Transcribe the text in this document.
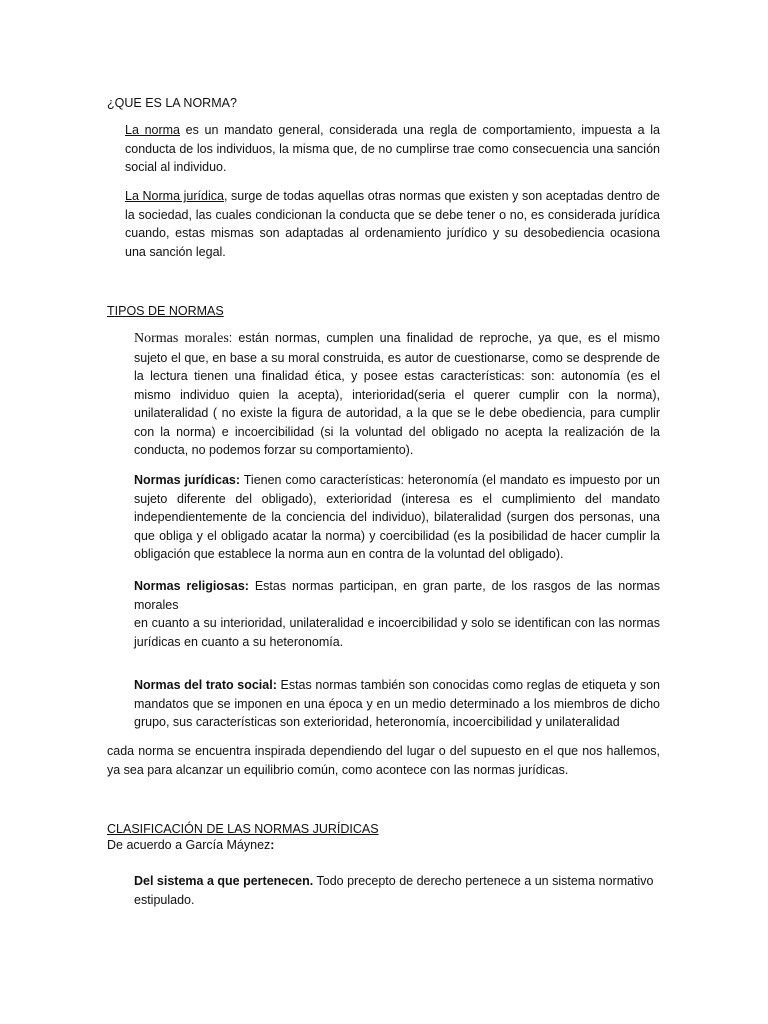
¿QUE ES LA NORMA?

La norma es un mandato general, considerada una regla de comportamiento, impuesta a la conducta de los individuos, la misma que, de no cumplirse trae como consecuencia una sanción social al individuo.

La Norma jurídica, surge de todas aquellas otras normas que existen y son aceptadas dentro de la sociedad, las cuales condicionan la conducta que se debe tener o no, es considerada jurídica cuando, estas mismas son adaptadas al ordenamiento jurídico y su desobediencia ocasiona una sanción legal.

TIPOS DE NORMAS

Normas morales: están normas, cumplen una finalidad de reproche, ya que, es el mismo sujeto el que, en base a su moral construida, es autor de cuestionarse, como se desprende de la lectura tienen una finalidad ética, y posee estas características: son: autonomía (es el mismo individuo quien la acepta), interioridad(seria el querer cumplir con la norma), unilateralidad ( no existe la figura de autoridad, a la que se le debe obediencia, para cumplir con la norma) e incoercibilidad (si la voluntad del obligado no acepta la realización de la conducta, no podemos forzar su comportamiento).

Normas jurídicas: Tienen como características: heteronomía (el mandato es impuesto por un sujeto diferente del obligado), exterioridad (interesa es el cumplimiento del mandato independientemente de la conciencia del individuo), bilateralidad (surgen dos personas, una que obliga y el obligado acatar la norma) y coercibilidad (es la posibilidad de hacer cumplir la obligación que establece la norma aun en contra de la voluntad del obligado).

Normas religiosas: Estas normas participan, en gran parte, de los rasgos de las normas morales
en cuanto a su interioridad, unilateralidad e incoercibilidad y solo se identifican con las normas jurídicas en cuanto a su heteronomía.

Normas del trato social: Estas normas también son conocidas como reglas de etiqueta y son mandatos que se imponen en una época y en un medio determinado a los miembros de dicho grupo, sus características son exterioridad, heteronomía, incoercibilidad y unilateralidad

cada norma se encuentra inspirada dependiendo del lugar o del supuesto en el que nos hallemos, ya sea para alcanzar un equilibrio común, como acontece con las normas jurídicas.

CLASIFICACIÓN DE LAS NORMAS JURÍDICAS
De acuerdo a García Máynez:

Del sistema a que pertenecen. Todo precepto de derecho pertenece a un sistema normativo estipulado.
